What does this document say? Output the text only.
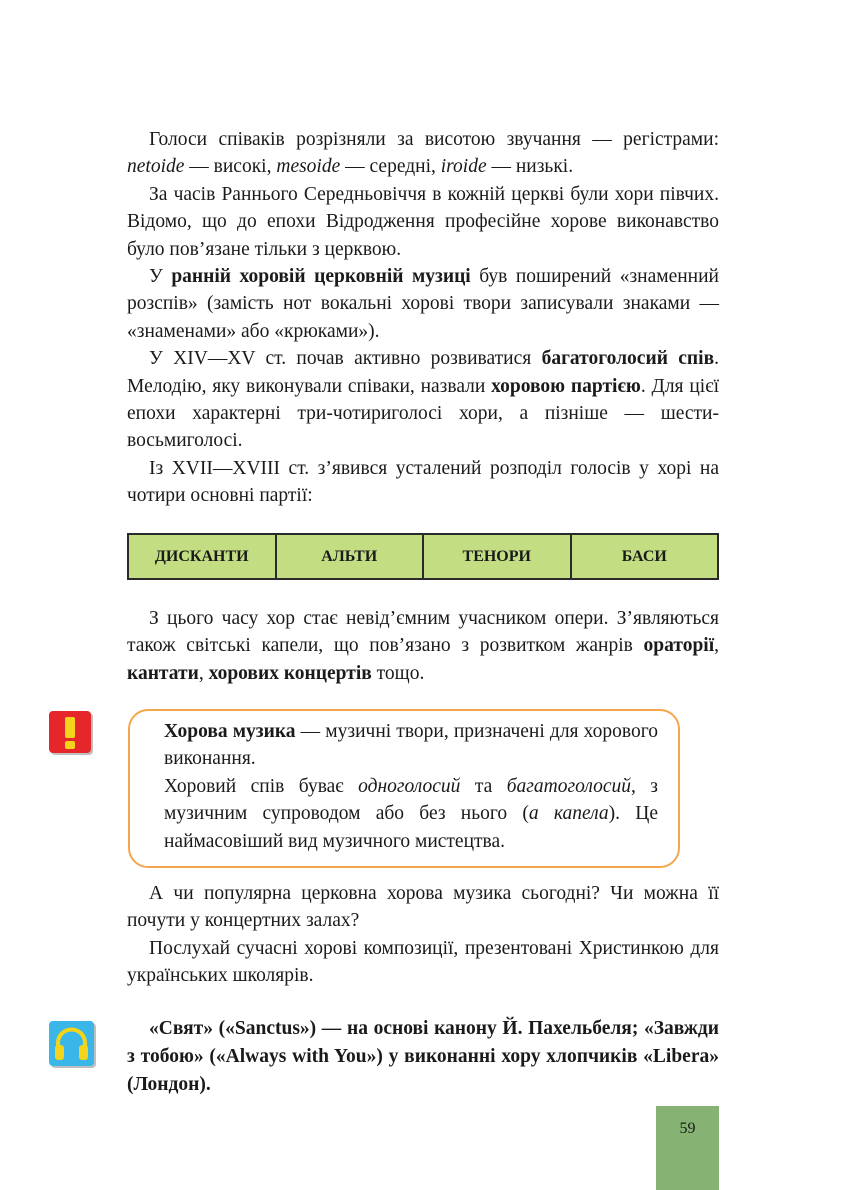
Голоси співаків розрізняли за висотою звучання — регістрами: netoide — високі, mesoide — середні, iroide — низькі.

За часів Раннього Середньовіччя в кожній церкві були хори півчих. Відомо, що до епохи Відродження професійне хорове виконавство було пов’язане тільки з церквою.

У ранній хоровій церковній музиці був поширений «знаменний розспів» (замість нот вокальні хорові твори записували знаками — «знаменами» або «крюками»).

У XIV—XV ст. почав активно розвиватися багатоголосий спів. Мелодію, яку виконували співаки, назвали хоровою партією. Для цієї епохи характерні три-чотириголосі хори, а пізніше — шести-восьмиголосі.

Із XVII—XVIII ст. з’явився усталений розподіл голосів у хорі на чотири основні партії:

ДИСКАНТИ	АЛЬТИ	ТЕНОРИ	БАСИ

З цього часу хор стає невід’ємним учасником опери. З’являються також світські капели, що пов’язано з розвитком жанрів ораторії, кантати, хорових концертів тощо.

Хорова музика — музичні твори, призначені для хорового виконання.

Хоровий спів буває одноголосий та багатоголосий, з музичним супроводом або без нього (а капела). Це наймасовіший вид музичного мистецтва.

А чи популярна церковна хорова музика сьогодні? Чи можна її почути у концертних залах?

Послухай сучасні хорові композиції, презентовані Христинкою для українських школярів.

«Свят» («Sanctus») — на основі канону Й. Пахельбеля; «Завжди з тобою» («Always with You») у виконанні хору хлопчиків «Libera» (Лондон).

59
